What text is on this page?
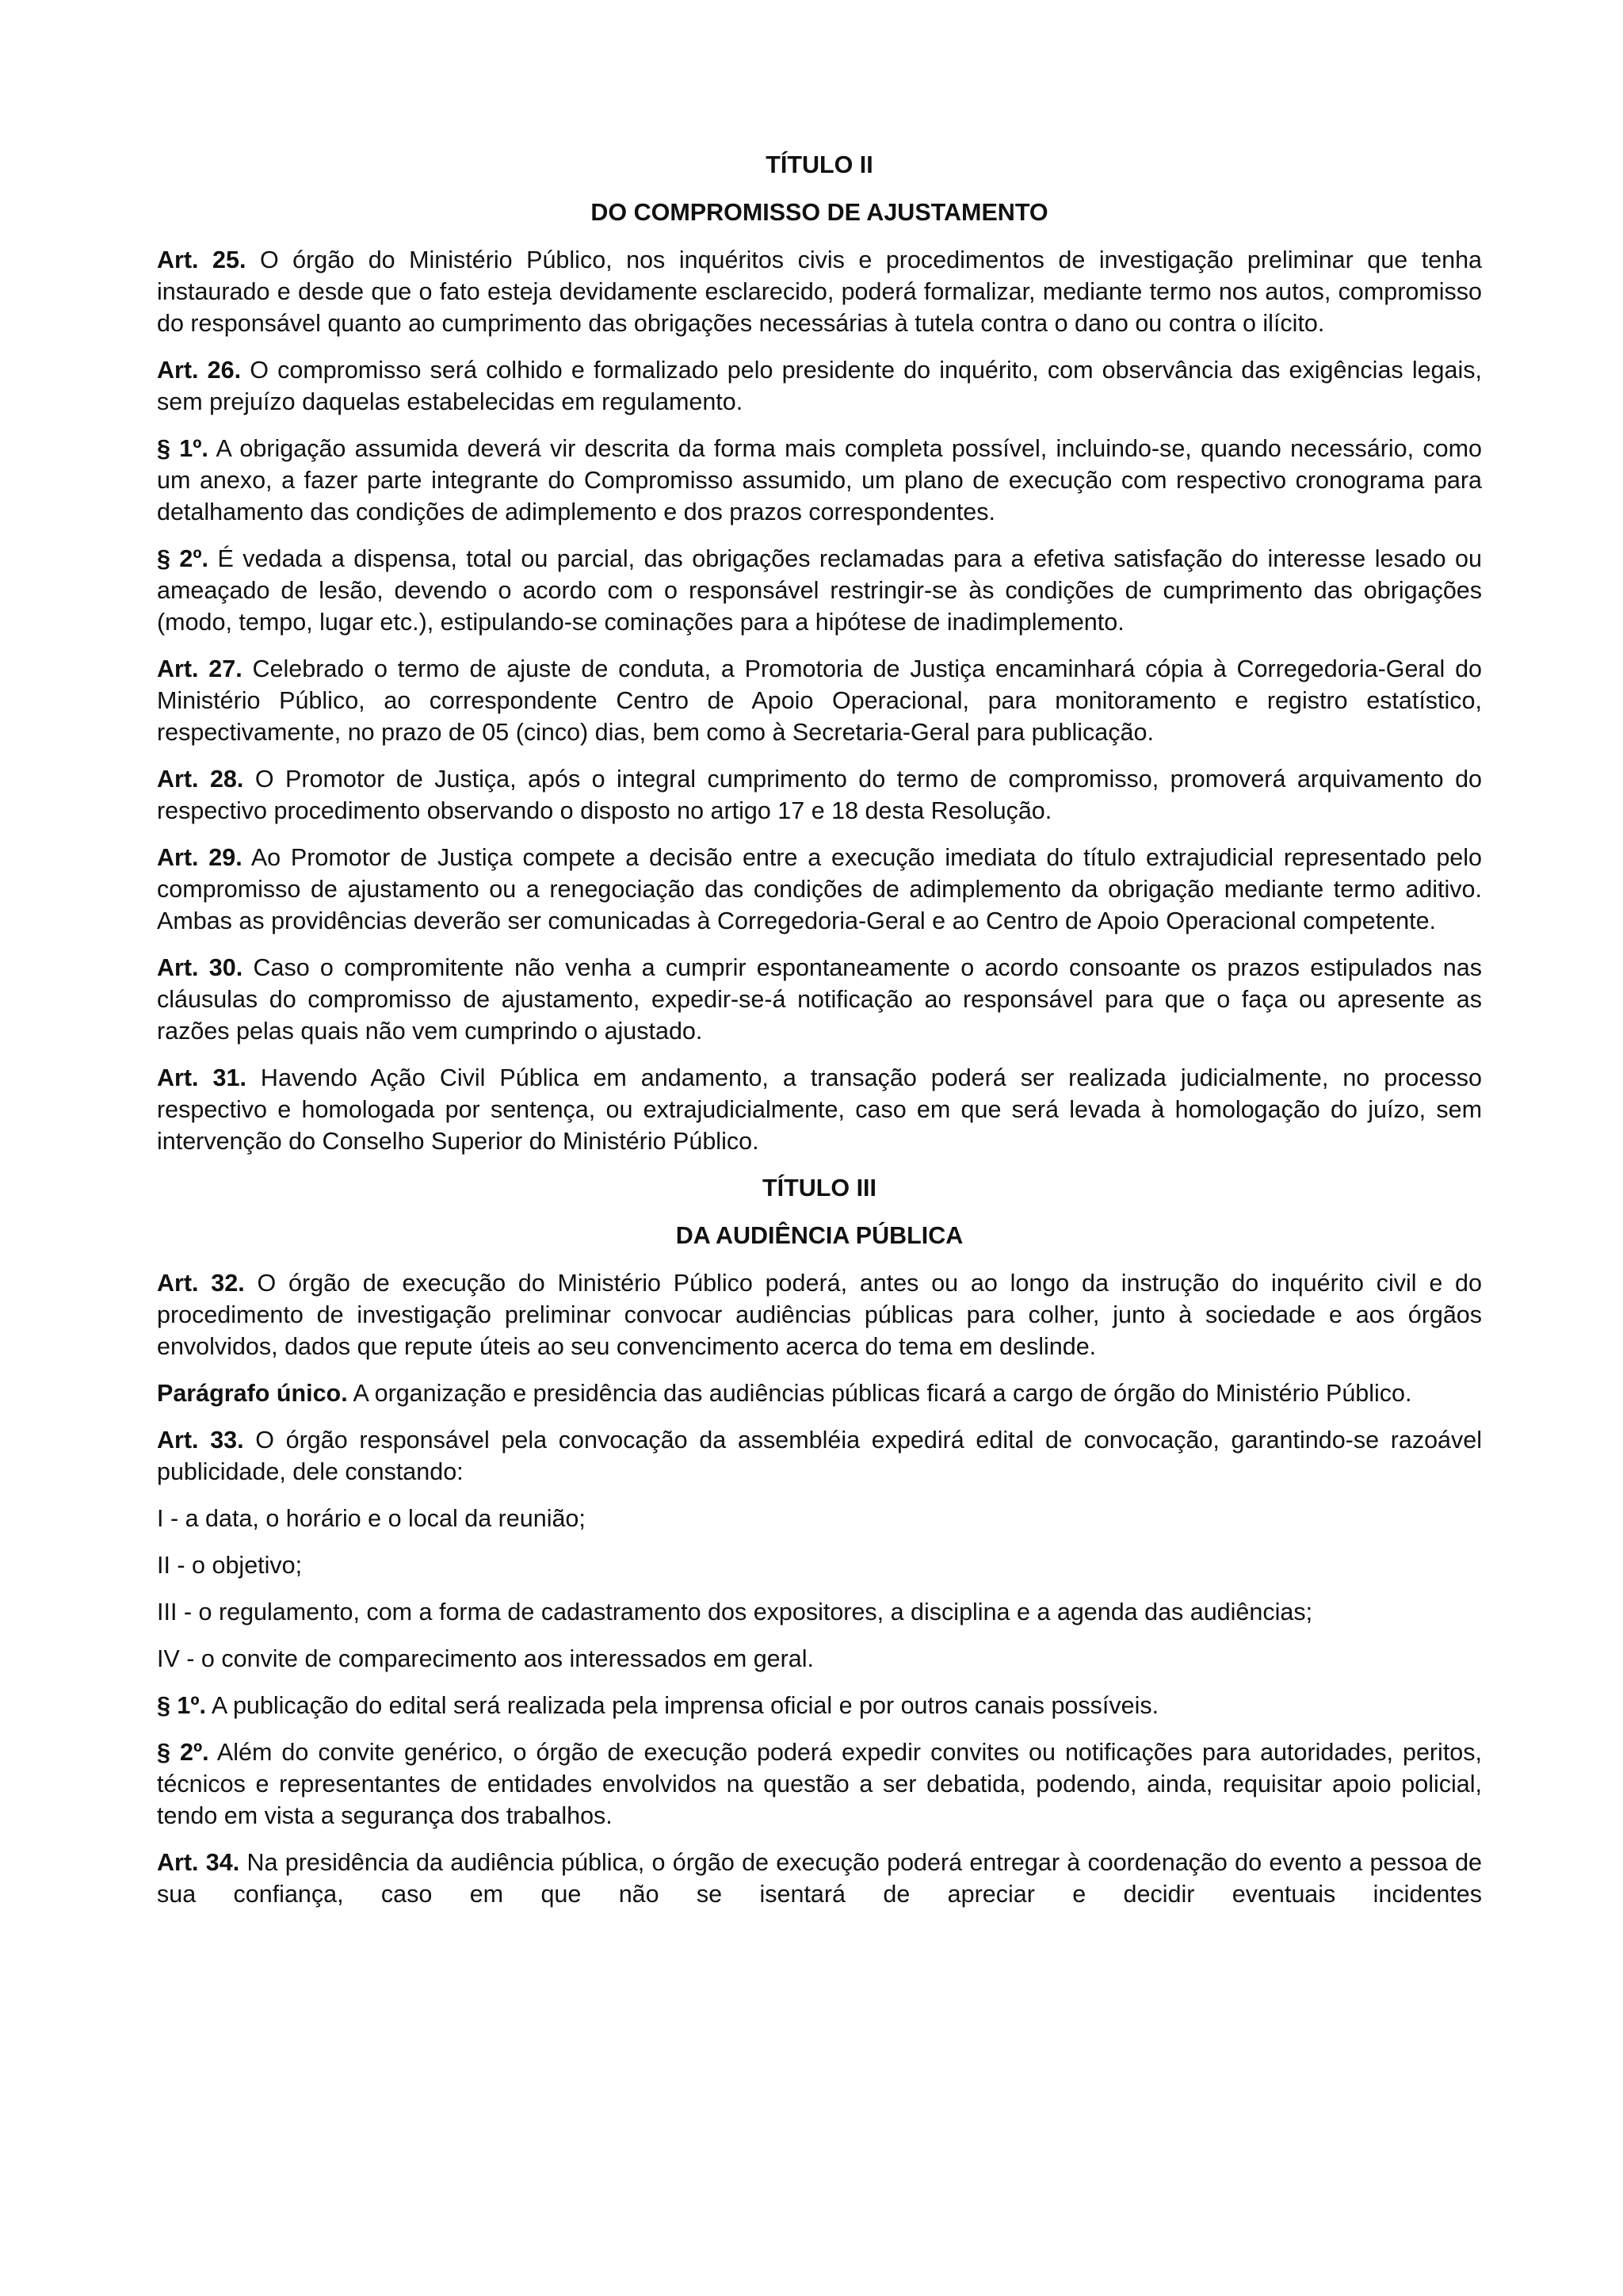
TÍTULO II
DO COMPROMISSO DE AJUSTAMENTO

Art. 25. O órgão do Ministério Público, nos inquéritos civis e procedimentos de investigação preliminar que tenha instaurado e desde que o fato esteja devidamente esclarecido, poderá formalizar, mediante termo nos autos, compromisso do responsável quanto ao cumprimento das obrigações necessárias à tutela contra o dano ou contra o ilícito.

Art. 26. O compromisso será colhido e formalizado pelo presidente do inquérito, com observância das exigências legais, sem prejuízo daquelas estabelecidas em regulamento.

§ 1º. A obrigação assumida deverá vir descrita da forma mais completa possível, incluindo-se, quando necessário, como um anexo, a fazer parte integrante do Compromisso assumido, um plano de execução com respectivo cronograma para detalhamento das condições de adimplemento e dos prazos correspondentes.

§ 2º. É vedada a dispensa, total ou parcial, das obrigações reclamadas para a efetiva satisfação do interesse lesado ou ameaçado de lesão, devendo o acordo com o responsável restringir-se às condições de cumprimento das obrigações (modo, tempo, lugar etc.), estipulando-se cominações para a hipótese de inadimplemento.

Art. 27. Celebrado o termo de ajuste de conduta, a Promotoria de Justiça encaminhará cópia à Corregedoria-Geral do Ministério Público, ao correspondente Centro de Apoio Operacional, para monitoramento e registro estatístico, respectivamente, no prazo de 05 (cinco) dias, bem como à Secretaria-Geral para publicação.

Art. 28. O Promotor de Justiça, após o integral cumprimento do termo de compromisso, promoverá arquivamento do respectivo procedimento observando o disposto no artigo 17 e 18 desta Resolução.

Art. 29. Ao Promotor de Justiça compete a decisão entre a execução imediata do título extrajudicial representado pelo compromisso de ajustamento ou a renegociação das condições de adimplemento da obrigação mediante termo aditivo. Ambas as providências deverão ser comunicadas à Corregedoria-Geral e ao Centro de Apoio Operacional competente.

Art. 30. Caso o compromitente não venha a cumprir espontaneamente o acordo consoante os prazos estipulados nas cláusulas do compromisso de ajustamento, expedir-se-á notificação ao responsável para que o faça ou apresente as razões pelas quais não vem cumprindo o ajustado.

Art. 31. Havendo Ação Civil Pública em andamento, a transação poderá ser realizada judicialmente, no processo respectivo e homologada por sentença, ou extrajudicialmente, caso em que será levada à homologação do juízo, sem intervenção do Conselho Superior do Ministério Público.

TÍTULO III
DA AUDIÊNCIA PÚBLICA

Art. 32. O órgão de execução do Ministério Público poderá, antes ou ao longo da instrução do inquérito civil e do procedimento de investigação preliminar convocar audiências públicas para colher, junto à sociedade e aos órgãos envolvidos, dados que repute úteis ao seu convencimento acerca do tema em deslinde.

Parágrafo único. A organização e presidência das audiências públicas ficará a cargo de órgão do Ministério Público.

Art. 33. O órgão responsável pela convocação da assembléia expedirá edital de convocação, garantindo-se razoável publicidade, dele constando:

I - a data, o horário e o local da reunião;

II - o objetivo;

III - o regulamento, com a forma de cadastramento dos expositores, a disciplina e a agenda das audiências;

IV - o convite de comparecimento aos interessados em geral.

§ 1º. A publicação do edital será realizada pela imprensa oficial e por outros canais possíveis.

§ 2º. Além do convite genérico, o órgão de execução poderá expedir convites ou notificações para autoridades, peritos, técnicos e representantes de entidades envolvidos na questão a ser debatida, podendo, ainda, requisitar apoio policial, tendo em vista a segurança dos trabalhos.

Art. 34. Na presidência da audiência pública, o órgão de execução poderá entregar à coordenação do evento a pessoa de sua confiança, caso em que não se isentará de apreciar e decidir eventuais incidentes
